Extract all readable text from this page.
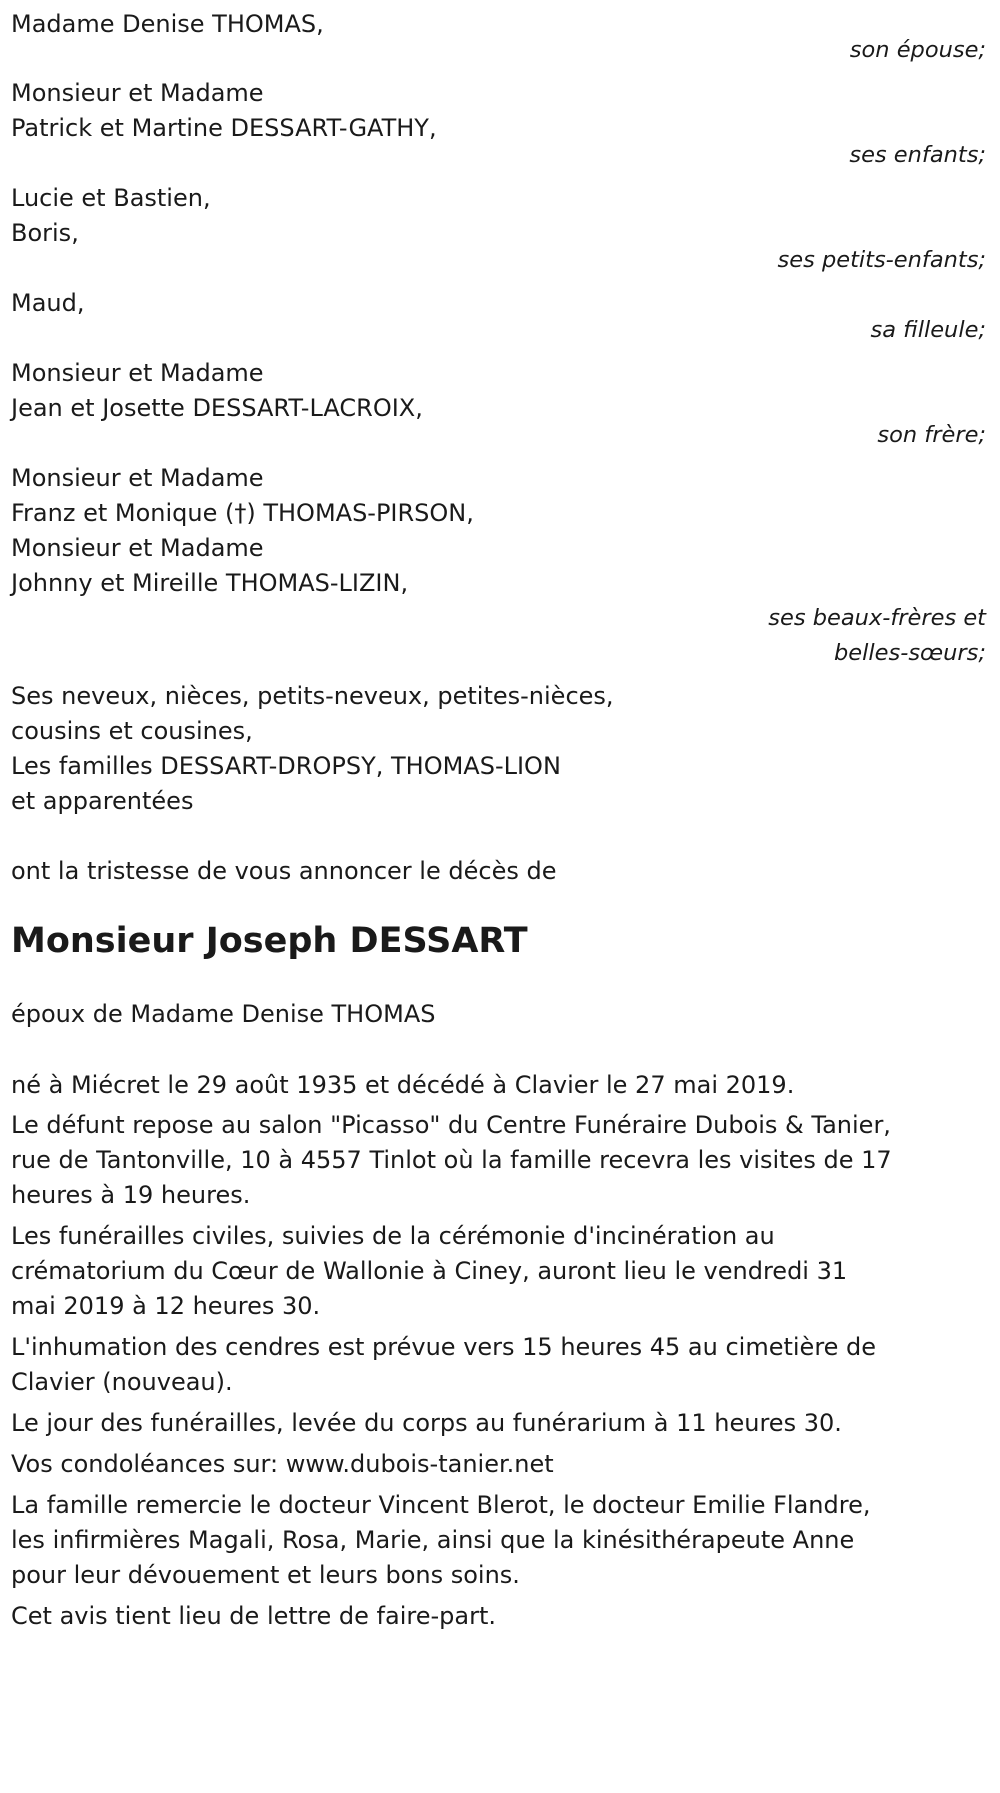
Madame Denise THOMAS,
son épouse;
Monsieur et Madame
Patrick et Martine DESSART-GATHY,
ses enfants;
Lucie et Bastien,
Boris,
ses petits-enfants;
Maud,
sa filleule;
Monsieur et Madame
Jean et Josette DESSART-LACROIX,
son frère;
Monsieur et Madame
Franz et Monique (†) THOMAS-PIRSON,
Monsieur et Madame
Johnny et Mireille THOMAS-LIZIN,
ses beaux-frères et
belles-sœurs;
Ses neveux, nièces, petits-neveux, petites-nièces,
cousins et cousines,
Les familles DESSART-DROPSY, THOMAS-LION
et apparentées
ont la tristesse de vous annoncer le décès de
Monsieur Joseph DESSART
époux de Madame Denise THOMAS
né à Miécret le 29 août 1935 et décédé à Clavier le 27 mai 2019.
Le défunt repose au salon "Picasso" du Centre Funéraire Dubois & Tanier,
rue de Tantonville, 10 à 4557 Tinlot où la famille recevra les visites de 17
heures à 19 heures.
Les funérailles civiles, suivies de la cérémonie d'incinération au
crématorium du Cœur de Wallonie à Ciney, auront lieu le vendredi 31
mai 2019 à 12 heures 30.
L'inhumation des cendres est prévue vers 15 heures 45 au cimetière de
Clavier (nouveau).
Le jour des funérailles, levée du corps au funérarium à 11 heures 30.
Vos condoléances sur: www.dubois-tanier.net
La famille remercie le docteur Vincent Blerot, le docteur Emilie Flandre,
les infirmières Magali, Rosa, Marie, ainsi que la kinésithérapeute Anne
pour leur dévouement et leurs bons soins.
Cet avis tient lieu de lettre de faire-part.
